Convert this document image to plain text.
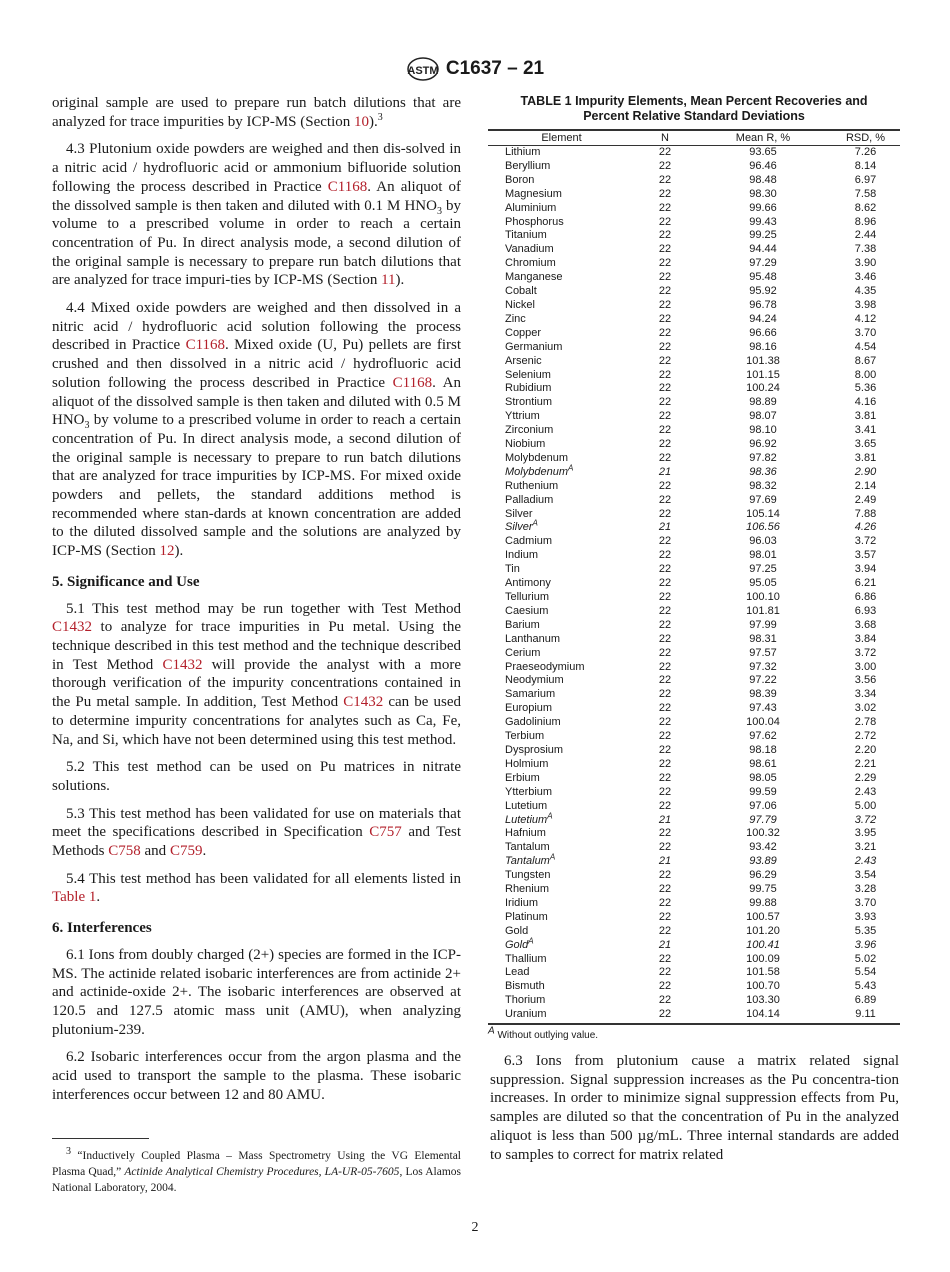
ASTM C1637 – 21

original sample are used to prepare run batch dilutions that are analyzed for trace impurities by ICP-MS (Section 10).$^3$

4.3 Plutonium oxide powders are weighed and then dis-solved in a nitric acid / hydrofluoric acid or ammonium bifluoride solution following the process described in Practice C1168. An aliquot of the dissolved sample is then taken and diluted with 0.1 M $HNO_3$ by volume to a prescribed volume in order to reach a certain concentration of Pu. In direct analysis mode, a second dilution of the original sample is necessary to prepare run batch dilutions that are analyzed for trace impuri-ties by ICP-MS (Section 11).

4.4 Mixed oxide powders are weighed and then dissolved in a nitric acid / hydrofluoric acid solution following the process described in Practice C1168. Mixed oxide (U, Pu) pellets are first crushed and then dissolved in a nitric acid / hydrofluoric acid solution following the process described in Practice C1168. An aliquot of the dissolved sample is then taken and diluted with 0.5 M $HNO_3$ by volume to a prescribed volume in order to reach a certain concentration of Pu. In direct analysis mode, a second dilution of the original sample is necessary to prepare to run batch dilutions that are analyzed for trace impurities by ICP-MS. For mixed oxide powders and pellets, the standard additions method is recommended where stan-dards at known concentration are added to the diluted dissolved sample and the solutions are analyzed by ICP-MS (Section 12).

5. Significance and Use

5.1 This test method may be run together with Test Method C1432 to analyze for trace impurities in Pu metal. Using the technique described in this test method and the technique described in Test Method C1432 will provide the analyst with a more thorough verification of the impurity concentrations contained in the Pu metal sample. In addition, Test Method C1432 can be used to determine impurity concentrations for analytes such as Ca, Fe, Na, and Si, which have not been determined using this test method.

5.2 This test method can be used on Pu matrices in nitrate solutions.

5.3 This test method has been validated for use on materials that meet the specifications described in Specification C757 and Test Methods C758 and C759.

5.4 This test method has been validated for all elements listed in Table 1.

6. Interferences

6.1 Ions from doubly charged (2+) species are formed in the ICP-MS. The actinide related isobaric interferences are from actinide 2+ and actinide-oxide 2+. The isobaric interferences are observed at 120.5 and 127.5 atomic mass unit (AMU), when analyzing plutonium-239.

6.2 Isobaric interferences occur from the argon plasma and the acid used to transport the sample to the plasma. These isobaric interferences occur between 12 and 80 AMU.

TABLE 1 Impurity Elements, Mean Percent Recoveries and
Percent Relative Standard Deviations
Element	N	Mean R, %	RSD, %
Lithium	22	93.65	7.26
Beryllium	22	96.46	8.14
Boron	22	98.48	6.97
Magnesium	22	98.30	7.58
Aluminium	22	99.66	8.62
Phosphorus	22	99.43	8.96
Titanium	22	99.25	2.44
Vanadium	22	94.44	7.38
Chromium	22	97.29	3.90
Manganese	22	95.48	3.46
Cobalt	22	95.92	4.35
Nickel	22	96.78	3.98
Zinc	22	94.24	4.12
Copper	22	96.66	3.70
Germanium	22	98.16	4.54
Arsenic	22	101.38	8.67
Selenium	22	101.15	8.00
Rubidium	22	100.24	5.36
Strontium	22	98.89	4.16
Yttrium	22	98.07	3.81
Zirconium	22	98.10	3.41
Niobium	22	96.92	3.65
Molybdenum	22	97.82	3.81
Molybdenum$^A$	21	98.36	2.90
Ruthenium	22	98.32	2.14
Palladium	22	97.69	2.49
Silver	22	105.14	7.88
Silver$^A$	21	106.56	4.26
Cadmium	22	96.03	3.72
Indium	22	98.01	3.57
Tin	22	97.25	3.94
Antimony	22	95.05	6.21
Tellurium	22	100.10	6.86
Caesium	22	101.81	6.93
Barium	22	97.99	3.68
Lanthanum	22	98.31	3.84
Cerium	22	97.57	3.72
Praeseodymium	22	97.32	3.00
Neodymium	22	97.22	3.56
Samarium	22	98.39	3.34
Europium	22	97.43	3.02
Gadolinium	22	100.04	2.78
Terbium	22	97.62	2.72
Dysprosium	22	98.18	2.20
Holmium	22	98.61	2.21
Erbium	22	98.05	2.29
Ytterbium	22	99.59	2.43
Lutetium	22	97.06	5.00
Lutetium$^A$	21	97.79	3.72
Hafnium	22	100.32	3.95
Tantalum	22	93.42	3.21
Tantalum$^A$	21	93.89	2.43
Tungsten	22	96.29	3.54
Rhenium	22	99.75	3.28
Iridium	22	99.88	3.70
Platinum	22	100.57	3.93
Gold	22	101.20	5.35
Gold$^A$	21	100.41	3.96
Thallium	22	100.09	5.02
Lead	22	101.58	5.54
Bismuth	22	100.70	5.43
Thorium	22	103.30	6.89
Uranium	22	104.14	9.11
$^A$ Without outlying value.

6.3 Ions from plutonium cause a matrix related signal suppression. Signal suppression increases as the Pu concentra-tion increases. In order to minimize signal suppression effects from Pu, samples are diluted so that the concentration of Pu in the analyzed aliquot is less than 500 µg/mL. Three internal standards are added to samples to correct for matrix related

$^3$ “Inductively Coupled Plasma – Mass Spectrometry Using the VG Elemental Plasma Quad,” Actinide Analytical Chemistry Procedures, LA-UR-05-7605, Los Alamos National Laboratory, 2004.
2
